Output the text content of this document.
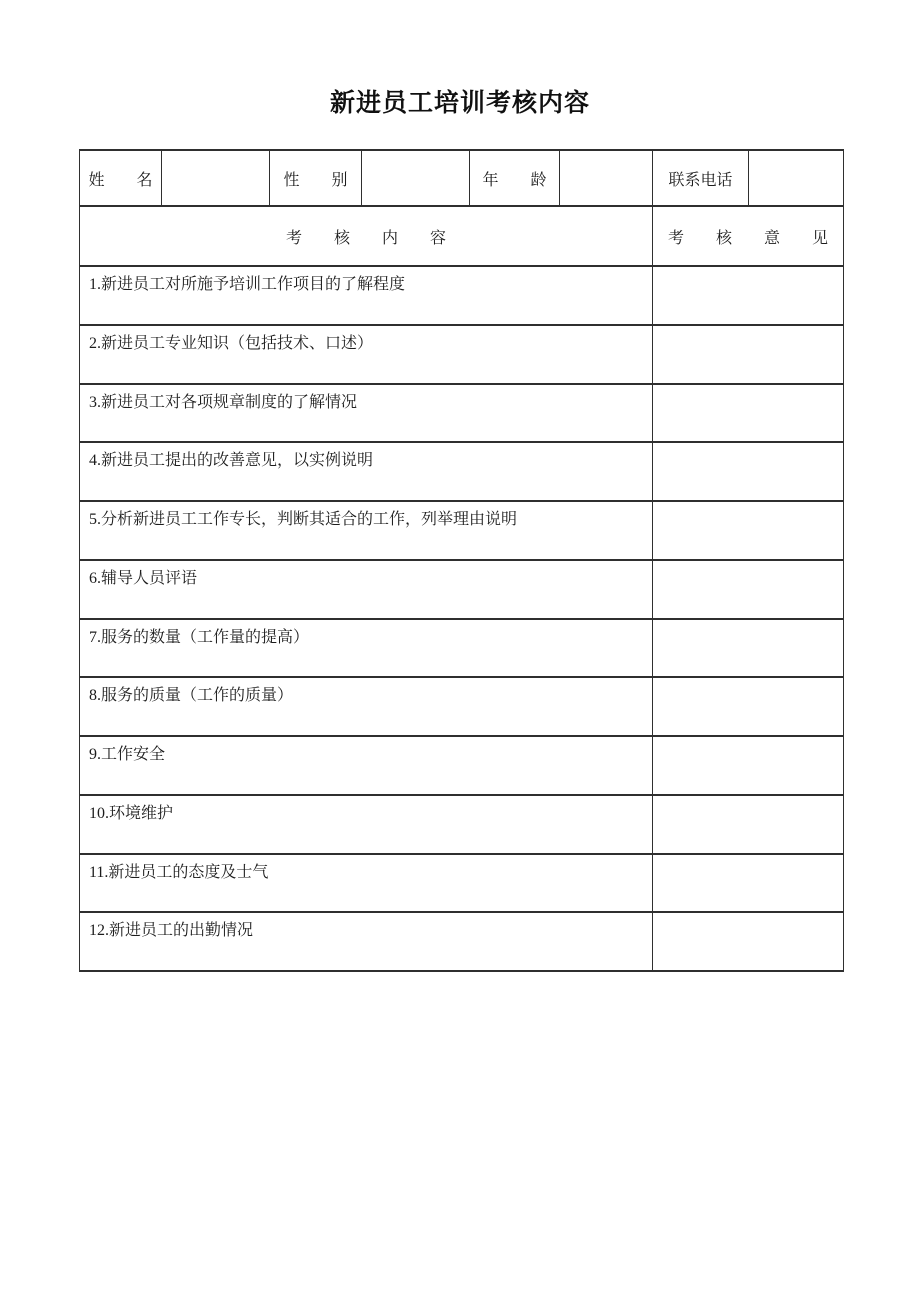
新进员工培训考核内容
姓　　名		性　　别		年　　龄		联系电话	
考　　核　　内　　容						考　　核　　意　　见	
1.新进员工对所施予培训工作项目的了解程度							
2.新进员工专业知识（包括技术、口述）							
3.新进员工对各项规章制度的了解情况							
4.新进员工提出的改善意见，以实例说明							
5.分析新进员工工作专长，判断其适合的工作，列举理由说明							
6.辅导人员评语							
7.服务的数量（工作量的提高）							
8.服务的质量（工作的质量）							
9.工作安全							
10.环境维护							
11.新进员工的态度及士气							
12.新进员工的出勤情况							
